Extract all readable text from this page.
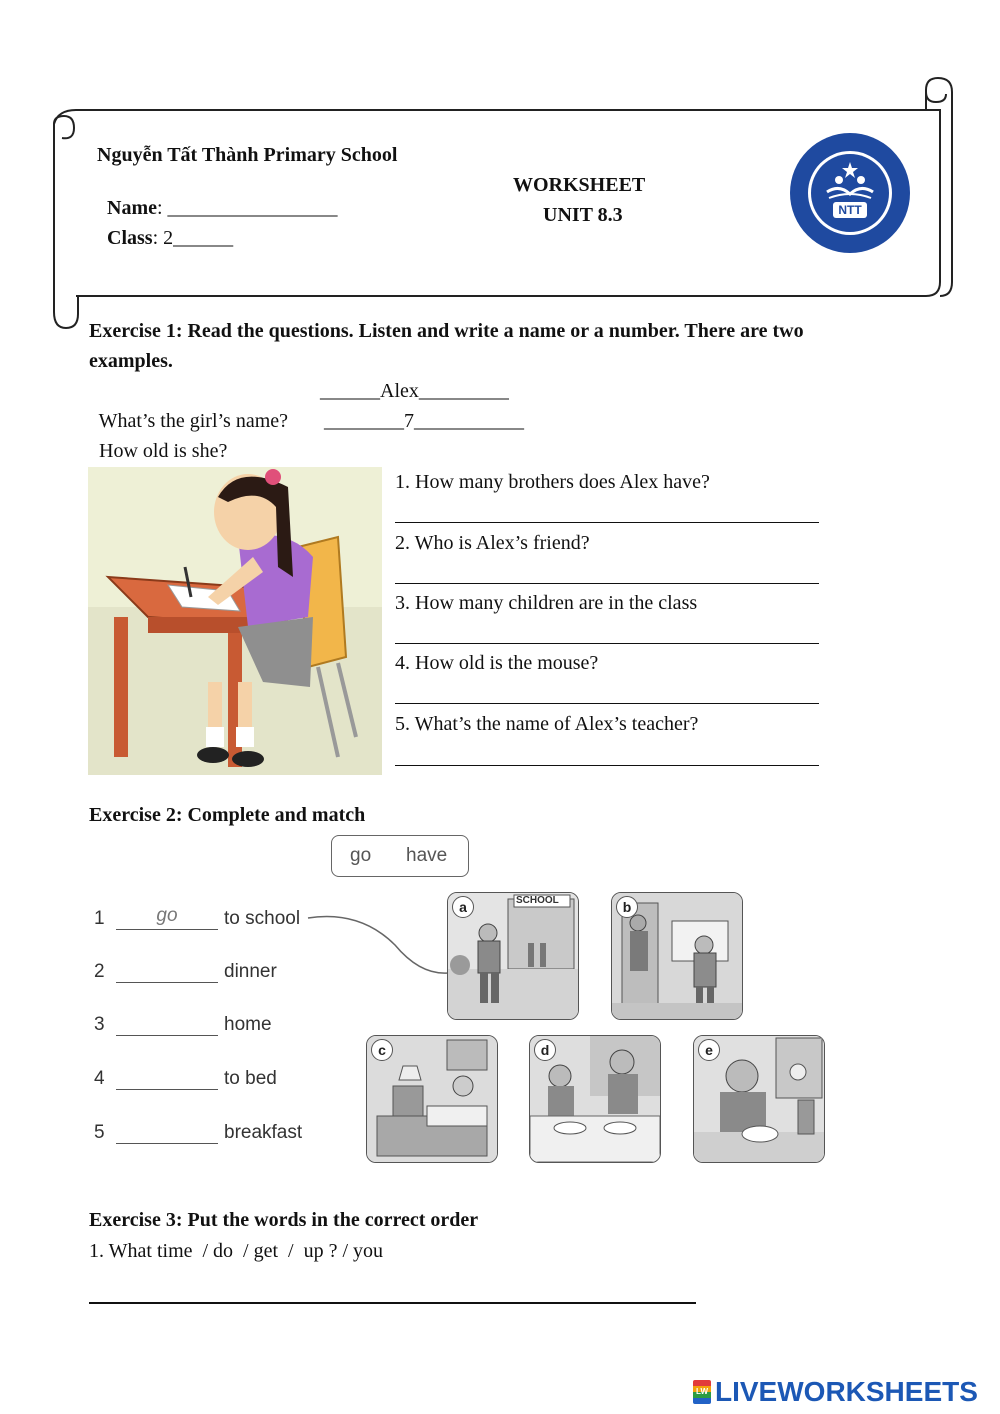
Nguyễn Tất Thành Primary School

Name: _________________

Class: 2______

WORKSHEET
UNIT 8.3	NTT
Exercise 1: Read the questions. Listen and write a name or a number. There are two
examples.

What’s the girl’s name?

______Alex_________

How old is she?

________7___________
1. How many brothers does Alex have?
2. Who is Alex’s friend?
3. How many children are in the class
4. How old is the mouse?
5. What’s the name of Alex’s teacher?
Exercise 2: Complete and match
go have
1	go to school
2	dinner
3	home
4	to bed
5	breakfast
a	SCHOOL	b
c	d	e
Exercise 3: Put the words in the correct order
1. What time  / do  / get  /  up ? / you
LW LIVEWORKSHEETS
